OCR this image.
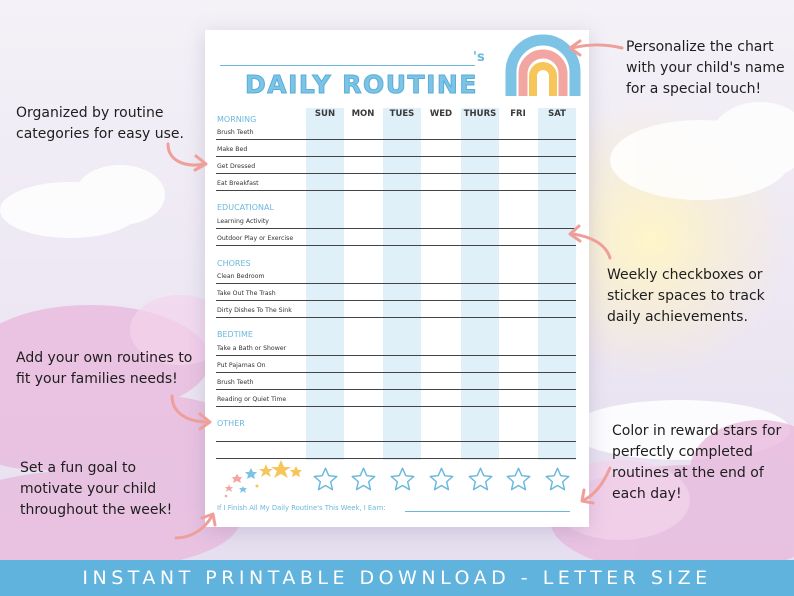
's
DAILY ROUTINE
SUN	MON	TUES	WED	THURS	FRI	SAT
MORNING
Brush Teeth
Make Bed
Get Dressed
Eat Breakfast
EDUCATIONAL
Learning Activity
Outdoor Play or Exercise
CHORES
Clean Bedroom
Take Out The Trash
Dirty Dishes To The Sink
BEDTIME
Take a Bath or Shower
Put Pajamas On
Brush Teeth
Reading or Quiet Time
OTHER
If I Finish All My Daily Routine's This Week, I Earn:
Personalize the chart
with your child's name
for a special touch!
Organized by routine
categories for easy use.
Weekly checkboxes or
sticker spaces to track
daily achievements.
Add your own routines to
fit your families needs!
Set a fun goal to
motivate your child
throughout the week!
Color in reward stars for
perfectly completed
routines at the end of
each day!
INSTANT PRINTABLE DOWNLOAD - LETTER SIZE
